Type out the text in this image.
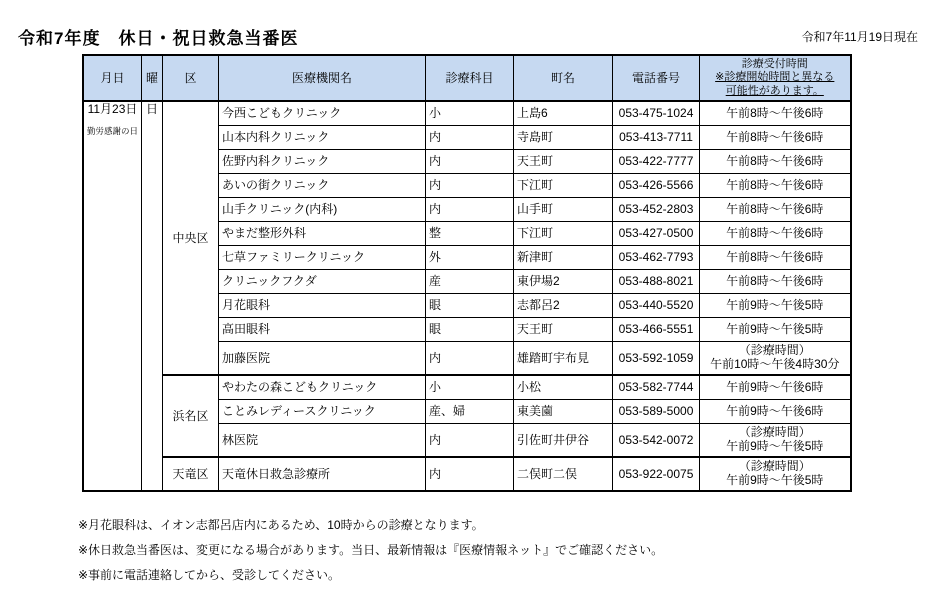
令和7年度　休日・祝日救急当番医	令和7年11月19日現在
月日	曜	区	医療機関名	診療科目	町名	電話番号	診療受付時間
※診療開始時間と異なる
可能性があります。

11月23日
勤労感謝の日	日	中央区	今西こどもクリニック	小	上島6	053-475-1024	午前8時～午後6時
			山本内科クリニック	内	寺島町	053-413-7711	午前8時～午後6時
			佐野内科クリニック	内	天王町	053-422-7777	午前8時～午後6時
			あいの街クリニック	内	下江町	053-426-5566	午前8時～午後6時
			山手クリニック(内科)	内	山手町	053-452-2803	午前8時～午後6時
			やまだ整形外科	整	下江町	053-427-0500	午前8時～午後6時
			七草ファミリークリニック	外	新津町	053-462-7793	午前8時～午後6時
			クリニックフクダ	産	東伊場2	053-488-8021	午前8時～午後6時
			月花眼科	眼	志都呂2	053-440-5520	午前9時～午後5時
			高田眼科	眼	天王町	053-466-5551	午前9時～午後5時
			加藤医院	内	雄踏町宇布見	053-592-1059	（診療時間）
午前10時～午後4時30分

		浜名区	やわたの森こどもクリニック	小	小松	053-582-7744	午前9時～午後6時
			ことみレディースクリニック	産、婦	東美薗	053-589-5000	午前9時～午後6時
			林医院	内	引佐町井伊谷	053-542-0072	（診療時間）
午前9時～午後5時

		天竜区	天竜休日救急診療所	内	二俣町二俣	053-922-0075	（診療時間）
午前9時～午後5時
※月花眼科は、イオン志都呂店内にあるため、10時からの診療となります。
※休日救急当番医は、変更になる場合があります。当日、最新情報は『医療情報ネット』でご確認ください。
※事前に電話連絡してから、受診してください。
